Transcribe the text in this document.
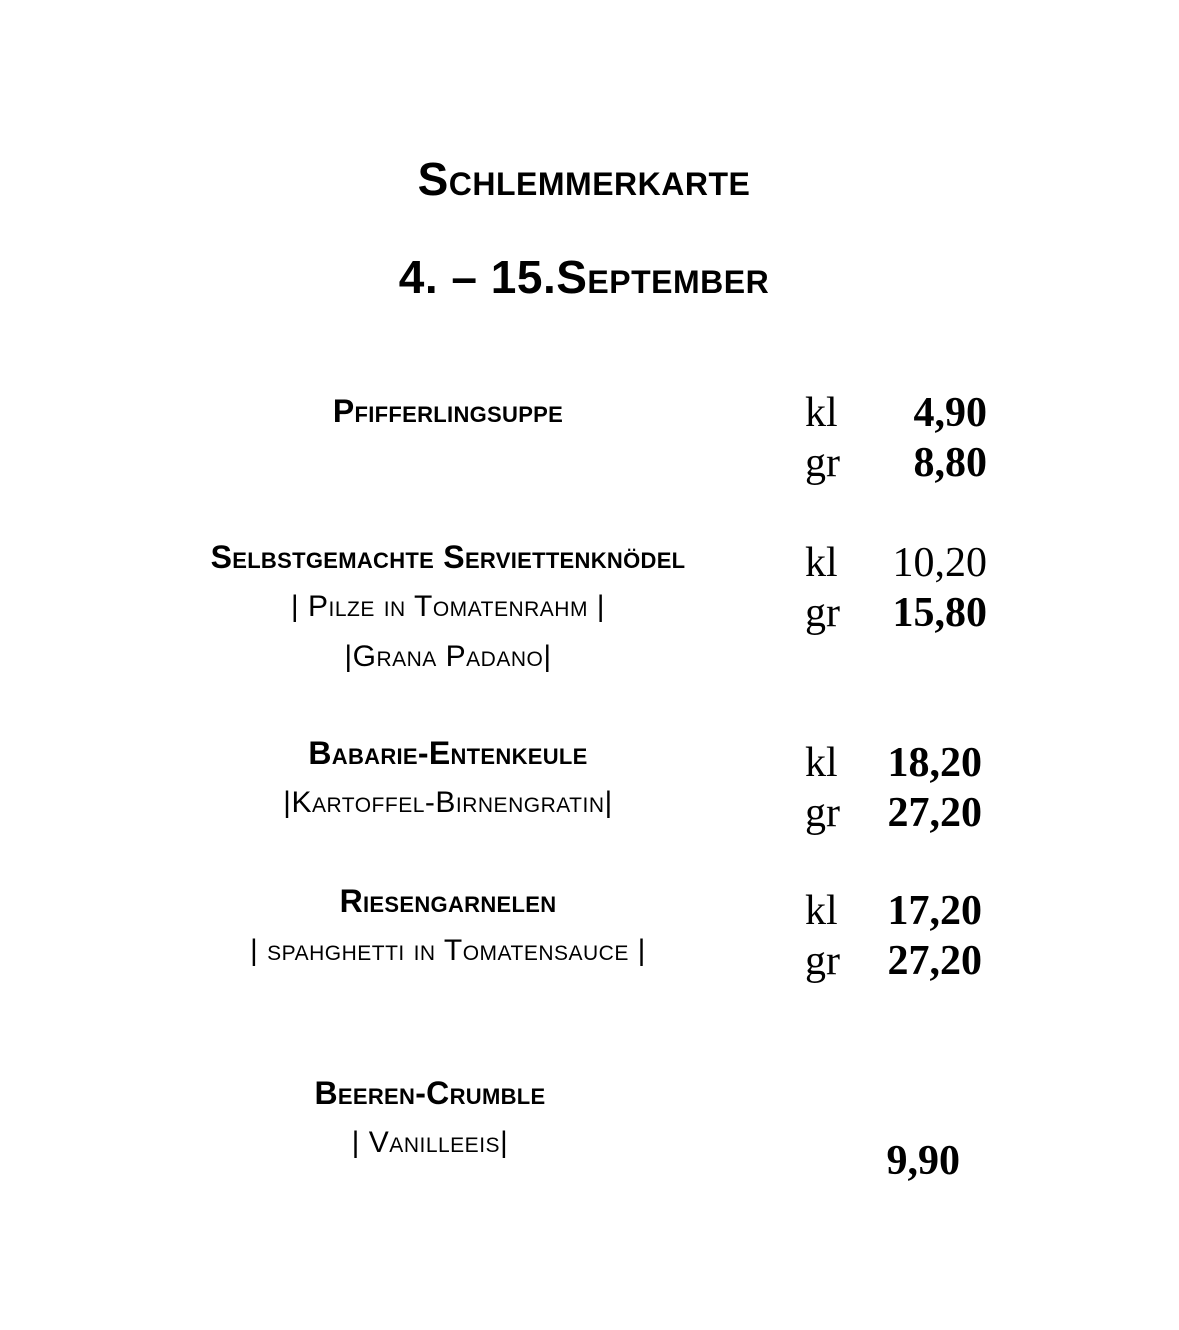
Schlemmerkarte
4. – 15.September
Pfifferlingsuppe	kl	4,90
gr	8,80
Selbstgemachte Serviettenknödel
| Pilze in Tomatenrahm |
|Grana Padano|
kl	10,20
gr	15,80
Babarie-Entenkeule
|Kartoffel-Birnengratin|
kl	18,20
gr	27,20
Riesengarnelen
| spahghetti in Tomatensauce |
kl	17,20
gr	27,20
Beeren-Crumble
| Vanilleeis|	9,90
